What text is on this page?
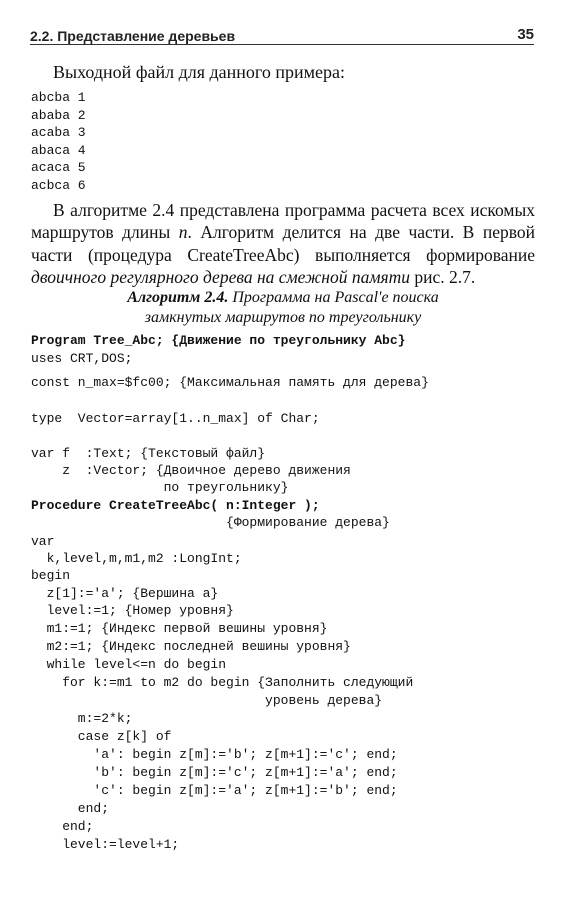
2.2. Представление деревьев	35
Выходной файл для данного примера:
abcba 1
ababa 2
acaba 3
abaca 4
acaca 5
acbca 6
В алгоритме 2.4 представлена программа расчета всех искомых маршрутов длины n. Алгоритм делится на две части. В первой части (процедура CreateTreeAbc) выполняется формирование двоичного регулярного дерева на смежной памяти рис. 2.7.
Алгоритм 2.4. Программа на Pascal'е поиска
замкнутых маршрутов по треугольнику
Program Tree_Abc; {Движение по треугольнику Abc}
uses CRT,DOS;
const n_max=$fc00; {Максимальная память для дерева}
type  Vector=array[1..n_max] of Char;
var f  :Text; {Текстовый файл}
z  :Vector; {Двоичное дерево движения
по треугольнику}
Procedure CreateTreeAbc( n:Integer );
{Формирование дерева}
var
k,level,m,m1,m2 :LongInt;
begin
z[1]:='a'; {Вершина a}
level:=1; {Номер уровня}
m1:=1; {Индекс первой вешины уровня}
m2:=1; {Индекс последней вешины уровня}
while level<=n do begin
for k:=m1 to m2 do begin {Заполнить следующий
уровень дерева}
m:=2*k;
case z[k] of
'a': begin z[m]:='b'; z[m+1]:='c'; end;
'b': begin z[m]:='c'; z[m+1]:='a'; end;
'c': begin z[m]:='a'; z[m+1]:='b'; end;
end;
end;
level:=level+1;
